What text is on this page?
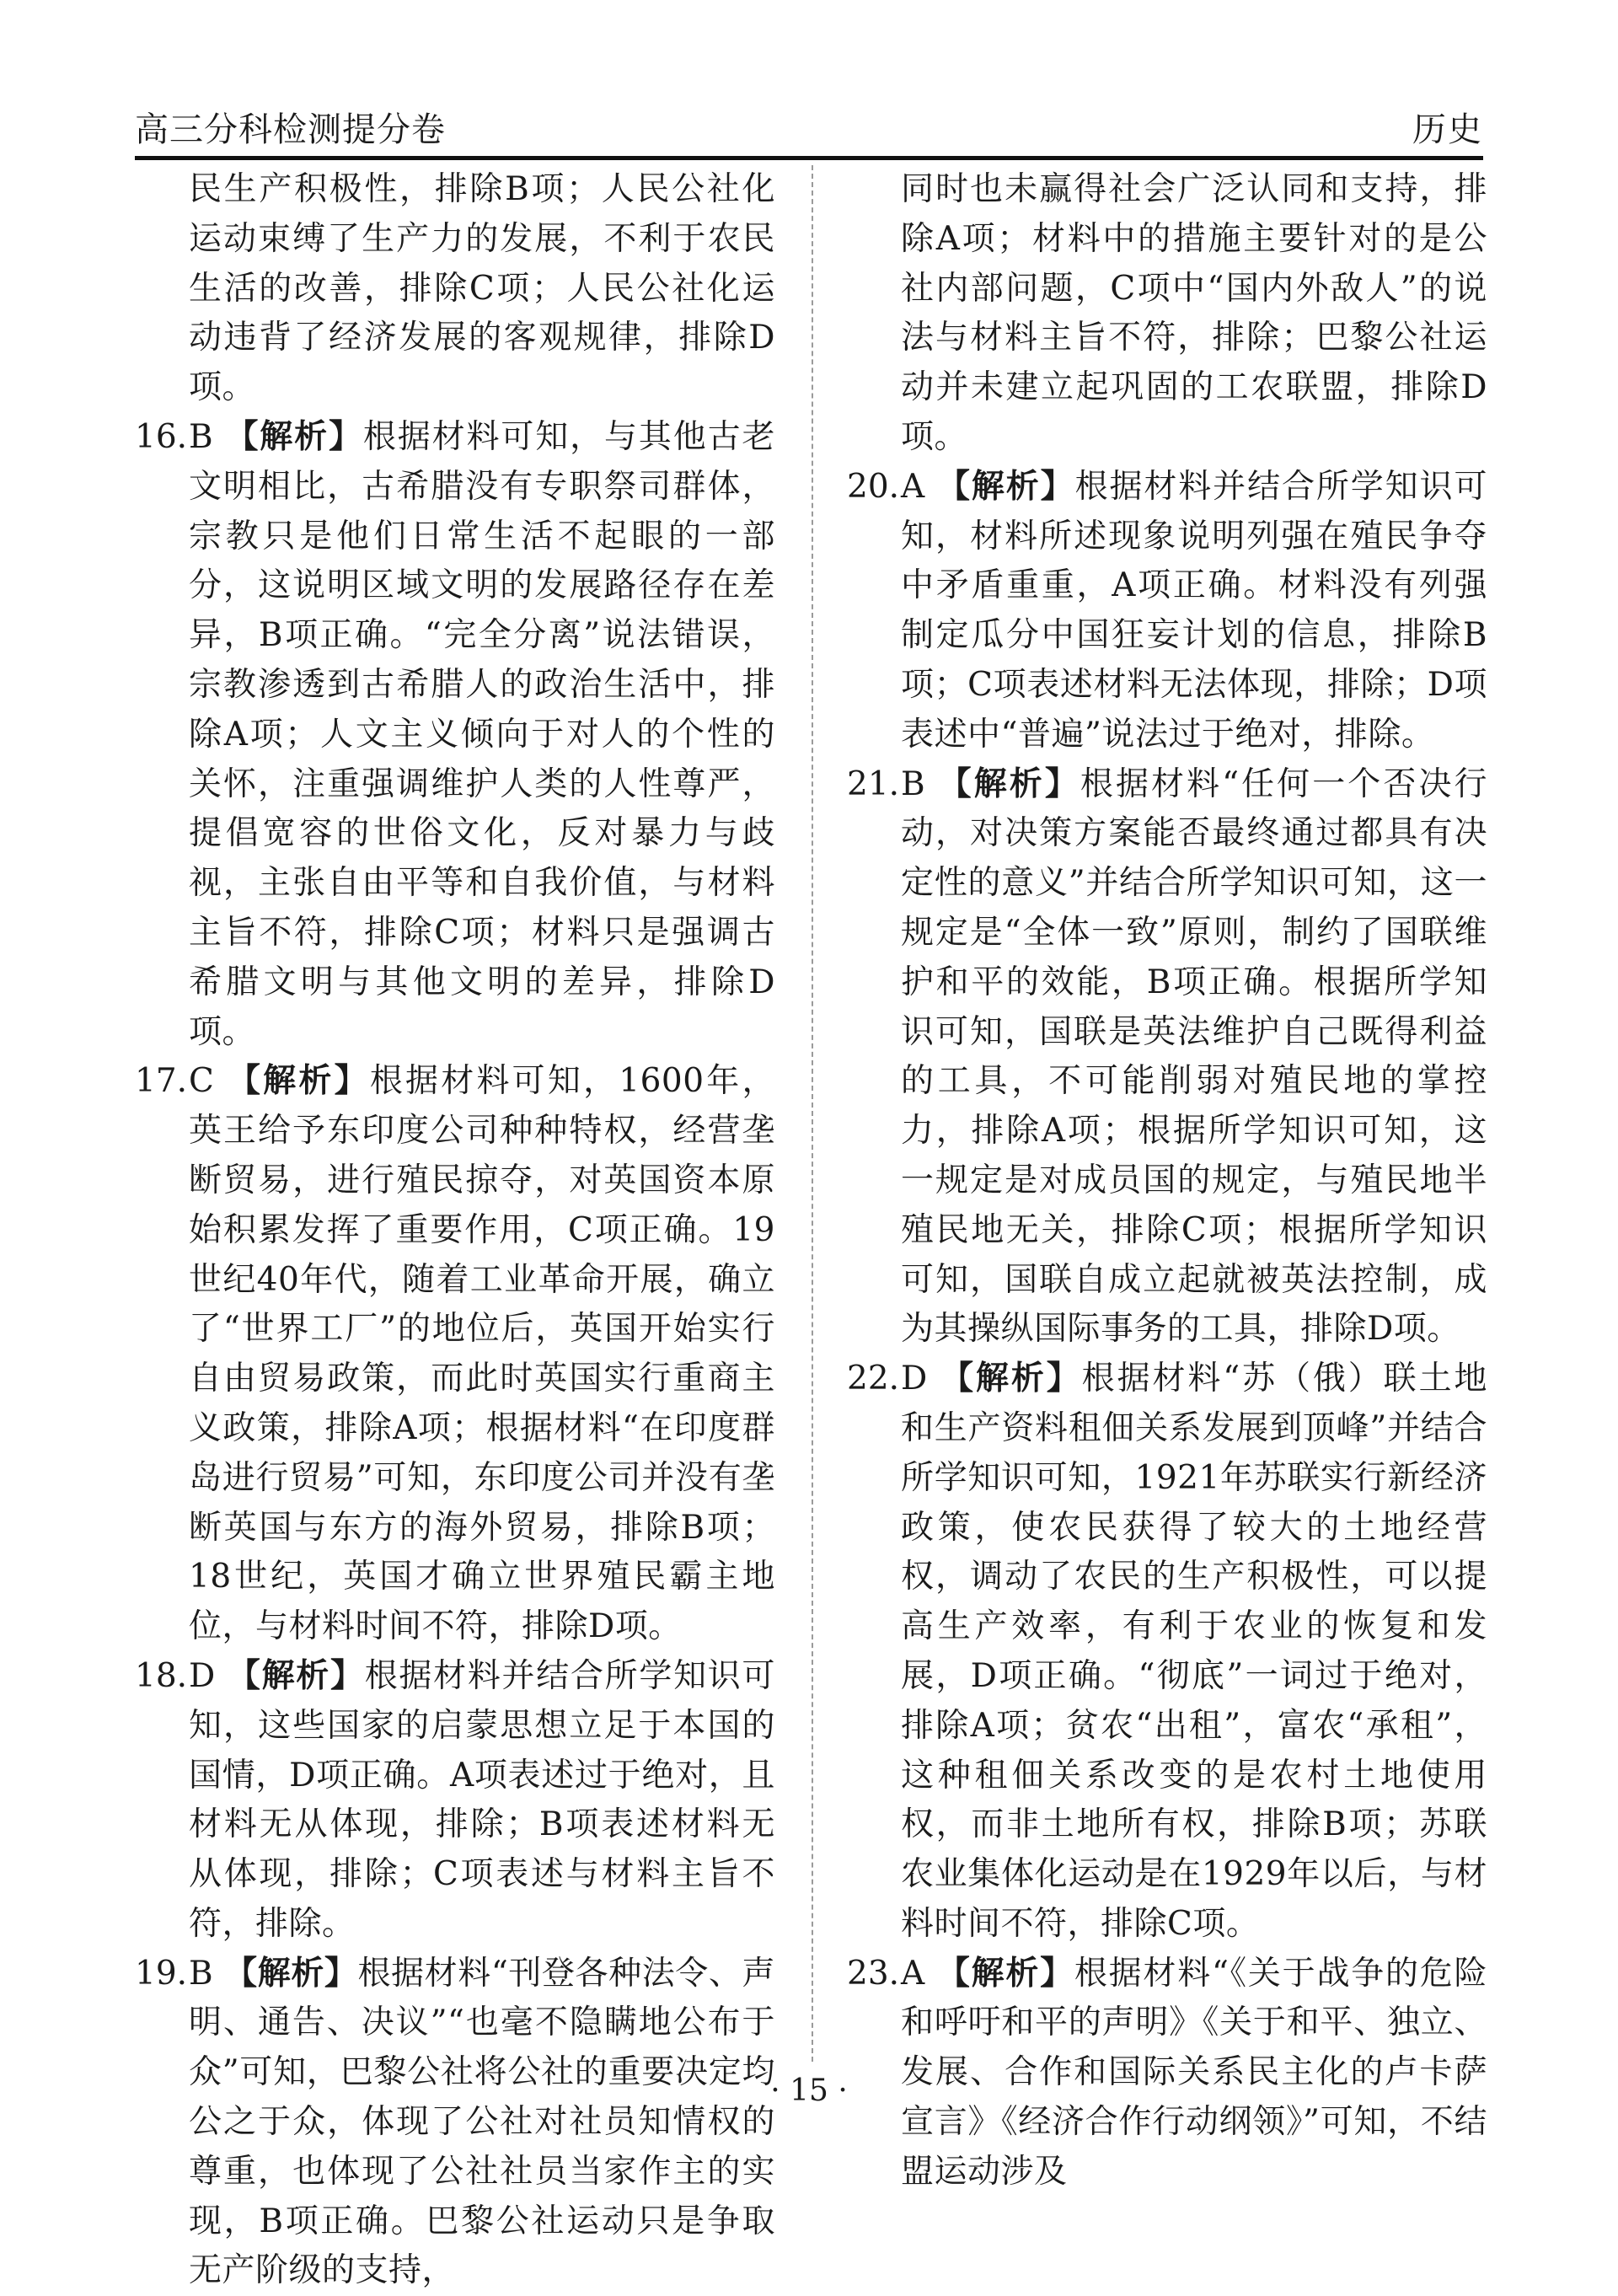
高三分科检测提分卷	历史

民生产积极性，排除B项；人民公社化运动束缚了生产力的发展，不利于农民生活的改善，排除C项；人民公社化运动违背了经济发展的客观规律，排除D项。

16. B 【解析】根据材料可知，与其他古老文明相比，古希腊没有专职祭司群体，宗教只是他们日常生活不起眼的一部分，这说明区域文明的发展路径存在差异，B项正确。“完全分离”说法错误，宗教渗透到古希腊人的政治生活中，排除A项；人文主义倾向于对人的个性的关怀，注重强调维护人类的人性尊严，提倡宽容的世俗文化，反对暴力与歧视，主张自由平等和自我价值，与材料主旨不符，排除C项；材料只是强调古希腊文明与其他文明的差异，排除D项。
17. C 【解析】根据材料可知，1600年，英王给予东印度公司种种特权，经营垄断贸易，进行殖民掠夺，对英国资本原始积累发挥了重要作用，C项正确。19世纪40年代，随着工业革命开展，确立了“世界工厂”的地位后，英国开始实行自由贸易政策，而此时英国实行重商主义政策，排除A项；根据材料“在印度群岛进行贸易”可知，东印度公司并没有垄断英国与东方的海外贸易，排除B项；18世纪，英国才确立世界殖民霸主地位，与材料时间不符，排除D项。
18. D 【解析】根据材料并结合所学知识可知，这些国家的启蒙思想立足于本国的国情，D项正确。A项表述过于绝对，且材料无从体现，排除；B项表述材料无从体现，排除；C项表述与材料主旨不符，排除。
19. B 【解析】根据材料“刊登各种法令、声明、通告、决议”“也毫不隐瞒地公布于众”可知，巴黎公社将公社的重要决定均公之于众，体现了公社对社员知情权的尊重，也体现了公社社员当家作主的实现，B项正确。巴黎公社运动只是争取无产阶级的支持，

同时也未赢得社会广泛认同和支持，排除A项；材料中的措施主要针对的是公社内部问题，C项中“国内外敌人”的说法与材料主旨不符，排除；巴黎公社运动并未建立起巩固的工农联盟，排除D项。

20. A 【解析】根据材料并结合所学知识可知，材料所述现象说明列强在殖民争夺中矛盾重重，A项正确。材料没有列强制定瓜分中国狂妄计划的信息，排除B项；C项表述材料无法体现，排除；D项表述中“普遍”说法过于绝对，排除。
21. B 【解析】根据材料“任何一个否决行动，对决策方案能否最终通过都具有决定性的意义”并结合所学知识可知，这一规定是“全体一致”原则，制约了国联维护和平的效能，B项正确。根据所学知识可知，国联是英法维护自己既得利益的工具，不可能削弱对殖民地的掌控力，排除A项；根据所学知识可知，这一规定是对成员国的规定，与殖民地半殖民地无关，排除C项；根据所学知识可知，国联自成立起就被英法控制，成为其操纵国际事务的工具，排除D项。
22. D 【解析】根据材料“苏（俄）联土地和生产资料租佃关系发展到顶峰”并结合所学知识可知，1921年苏联实行新经济政策，使农民获得了较大的土地经营权，调动了农民的生产积极性，可以提高生产效率，有利于农业的恢复和发展，D项正确。“彻底”一词过于绝对，排除A项；贫农“出租”，富农“承租”，这种租佃关系改变的是农村土地使用权，而非土地所有权，排除B项；苏联农业集体化运动是在1929年以后，与材料时间不符，排除C项。
23. A 【解析】根据材料“《关于战争的危险和呼吁和平的声明》《关于和平、独立、发展、合作和国际关系民主化的卢卡萨宣言》《经济合作行动纲领》”可知，不结盟运动涉及
· 15 ·
